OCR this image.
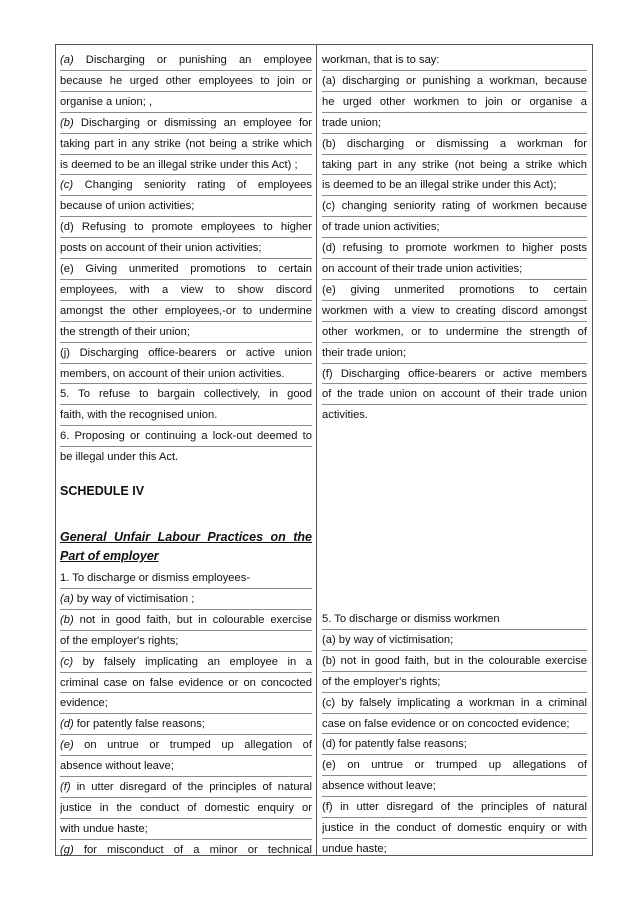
SCHEDULE IV
General Unfair Labour Practices on the
Part of employer
(a) Discharging or punishing an employee
because he urged other employees to join or
organise a union; ,
(b) Discharging or dismissing an employee for
taking part in any strike (not being a strike which
is deemed to be an illegal strike under this Act) ;
(c) Changing seniority rating of employees
because of union activities;
(d) Refusing to promote employees to higher
posts on account of their union activities;
(e) Giving unmerited promotions to certain
employees, with a view to show discord
amongst the other employees,-or to undermine
the strength of their union;
(j) Discharging office-bearers or active union
members, on account of their union activities.
5. To refuse to bargain collectively, in good
faith, with the recognised union.
6. Proposing or continuing a lock-out deemed to
be illegal under this Act.
1. To discharge or dismiss employees-
(a) by way of victimisation ;
(b) not in good faith, but in colourable exercise
of the employer's rights;
(c) by falsely implicating an employee in a
criminal case on false evidence or on concocted
evidence;
(d) for patently false reasons;
(e) on untrue or trumped up allegation of
absence without leave;
(f) in utter disregard of the principles of natural
justice in the conduct of domestic enquiry or
with undue haste;
(g) for misconduct of a minor or technical
workman, that is to say:
(a) discharging or punishing a workman, because
he urged other workmen to join or organise a
trade union;
(b) discharging or dismissing a workman for
taking part in any strike (not being a strike which
is deemed to be an illegal strike under this Act);
(c) changing seniority rating of workmen because
of trade union activities;
(d) refusing to promote workmen to higher posts
on account of their trade union activities;
(e) giving unmerited promotions to certain
workmen with a view to creating discord amongst
other workmen, or to undermine the strength of
their trade union;
(f) Discharging office-bearers or active members
of the trade union on account of their trade union
activities.
5. To discharge or dismiss workmen
(a) by way of victimisation;
(b) not in good faith, but in the colourable exercise
of the employer's rights;
(c) by falsely implicating a workman in a criminal
case on false evidence or on concocted evidence;
(d) for patently false reasons;
(e) on untrue or trumped up allegations of
absence without leave;
(f) in utter disregard of the principles of natural
justice in the conduct of domestic enquiry or with
undue haste;
